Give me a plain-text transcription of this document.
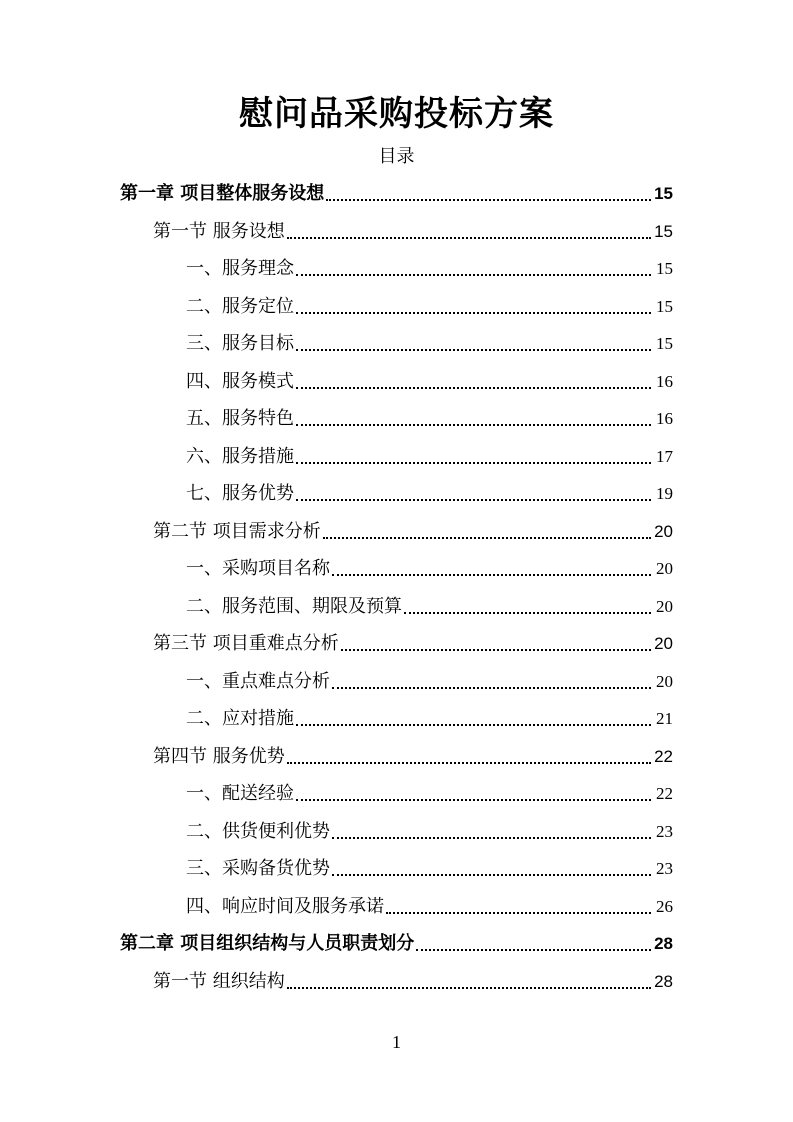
慰问品采购投标方案
目录
第一章 项目整体服务设想	15
第一节 服务设想	15
一、服务理念	15
二、服务定位	15
三、服务目标	15
四、服务模式	16
五、服务特色	16
六、服务措施	17
七、服务优势	19
第二节 项目需求分析	20
一、采购项目名称	20
二、服务范围、期限及预算	20
第三节 项目重难点分析	20
一、重点难点分析	20
二、应对措施	21
第四节 服务优势	22
一、配送经验	22
二、供货便利优势	23
三、采购备货优势	23
四、响应时间及服务承诺	26
第二章 项目组织结构与人员职责划分	28
第一节 组织结构	28
1
